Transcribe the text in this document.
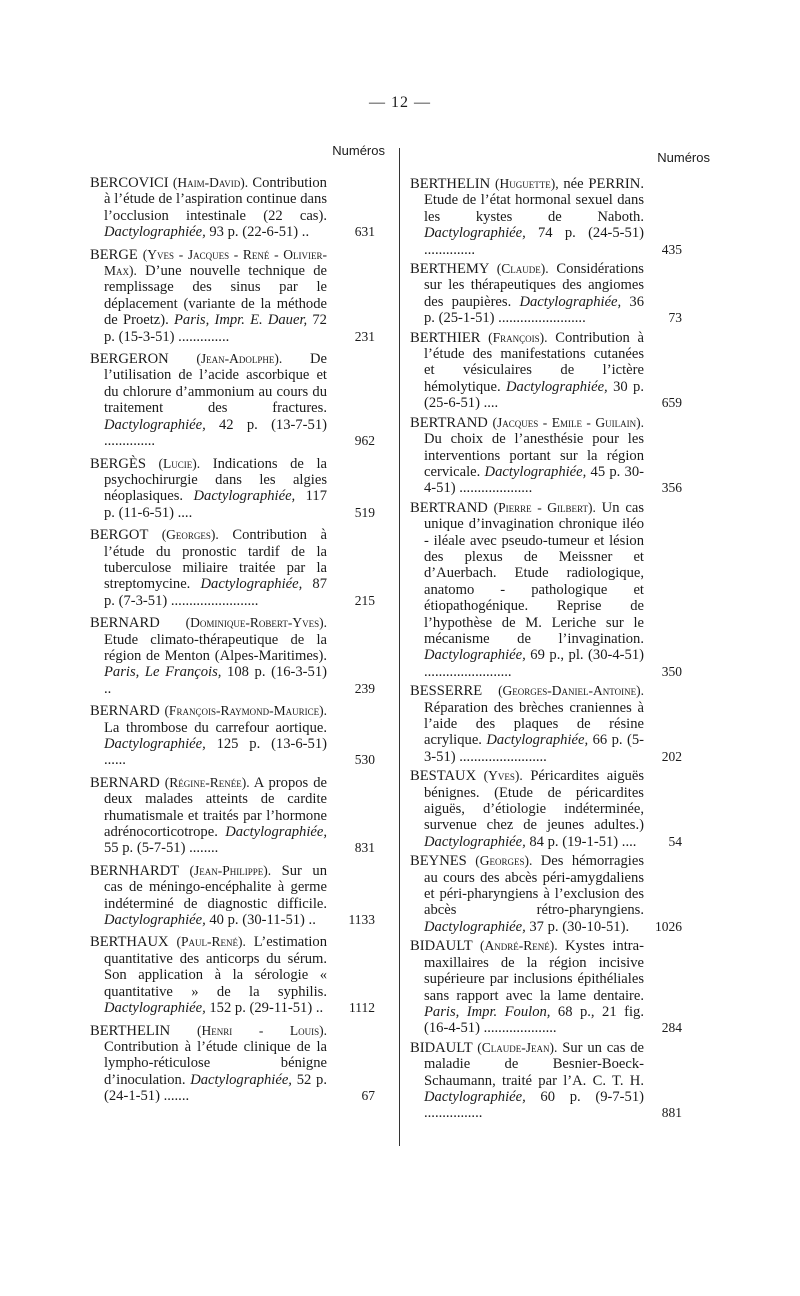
— 12 —
Numéros	Numéros
BERCOVICI (Haim-David). Contribution à l’étude de l’aspiration continue dans l’occlusion intestinale (22 cas). Dactylographiée, 93 p. (22-6-51) ..	631
BERGE (Yves - Jacques - René - Olivier-Max). D’une nouvelle technique de remplissage des sinus par le déplacement (variante de la méthode de Proetz). Paris, Impr. E. Dauer, 72 p. (15-3-51) ..............	231
BERGERON (Jean-Adolphe). De l’utilisation de l’acide ascorbique et du chlorure d’ammonium au cours du traitement des fractures. Dactylographiée, 42 p. (13-7-51) ..............	962
BERGÈS (Lucie). Indications de la psychochirurgie dans les algies néoplasiques. Dactylographiée, 117 p. (11-6-51) ....	519
BERGOT (Georges). Contribution à l’étude du pronostic tardif de la tuberculose miliaire traitée par la streptomycine. Dactylographiée, 87 p. (7-3-51) ........................	215
BERNARD (Dominique-Robert-Yves). Etude climato-thérapeutique de la région de Menton (Alpes-Maritimes). Paris, Le François, 108 p. (16-3-51) ..	239
BERNARD (François-Raymond-Maurice). La thrombose du carrefour aortique. Dactylographiée, 125 p. (13-6-51) ......	530
BERNARD (Régine-Renée). A propos de deux malades atteints de cardite rhumatismale et traités par l’hormone adrénocorticotrope. Dactylographiée, 55 p. (5-7-51) ........	831
BERNHARDT (Jean-Philippe). Sur un cas de méningo-encéphalite à germe indéterminé de diagnostic difficile. Dactylographiée, 40 p. (30-11-51) .. 1133
BERTHAUX (Paul-René). L’estimation quantitative des anticorps du sérum. Son application à la sérologie « quantitative » de la syphilis. Dactylographiée, 152 p. (29-11-51) .. 1112
BERTHELIN (Henri - Louis). Contribution à l’étude clinique de la lympho-réticulose bénigne d’inoculation. Dactylographiée, 52 p. (24-1-51) .......	67
BERTHELIN (Huguette), née PERRIN. Etude de l’état hormonal sexuel dans les kystes de Naboth. Dactylographiée, 74 p. (24-5-51) ..............	435
BERTHEMY (Claude). Considérations sur les thérapeutiques des angiomes des paupières. Dactylographiée, 36 p. (25-1-51) ........................	73
BERTHIER (François). Contribution à l’étude des manifestations cutanées et vésiculaires de l’ictère hémolytique. Dactylographiée, 30 p. (25-6-51) ....	659
BERTRAND (Jacques - Emile - Guilain). Du choix de l’anesthésie pour les interventions portant sur la région cervicale. Dactylographiée, 45 p. 30-4-51) ....................	356
BERTRAND (Pierre - Gilbert). Un cas unique d’invagination chronique iléo - iléale avec pseudo-tumeur et lésion des plexus de Meissner et d’Auerbach. Etude radiologique, anatomo - pathologique et étiopathogénique. Reprise de l’hypothèse de M. Leriche sur le mécanisme de l’invagination. Dactylographiée, 69 p., pl. (30-4-51) ........................	350
BESSERRE (Georges-Daniel-Antoine). Réparation des brèches craniennes à l’aide des plaques de résine acrylique. Dactylographiée, 66 p. (5-3-51) ........................	202
BESTAUX (Yves). Péricardites aiguës bénignes. (Etude de péricardites aiguës, d’étiologie indéterminée, survenue chez de jeunes adultes.) Dactylographiée, 84 p. (19-1-51) .... 54
BEYNES (Georges). Des hémorragies au cours des abcès péri-amygdaliens et péri-pharyngiens à l’exclusion des abcès rétro-pharyngiens. Dactylographiée, 37 p. (30-10-51). 1026
BIDAULT (André-René). Kystes intra-maxillaires de la région incisive supérieure par inclusions épithéliales sans rapport avec la lame dentaire. Paris, Impr. Foulon, 68 p., 21 fig. (16-4-51) ....................	284
BIDAULT (Claude-Jean). Sur un cas de maladie de Besnier-Boeck-Schaumann, traité par l’A. C. T. H. Dactylographiée, 60 p. (9-7-51) ................	881
